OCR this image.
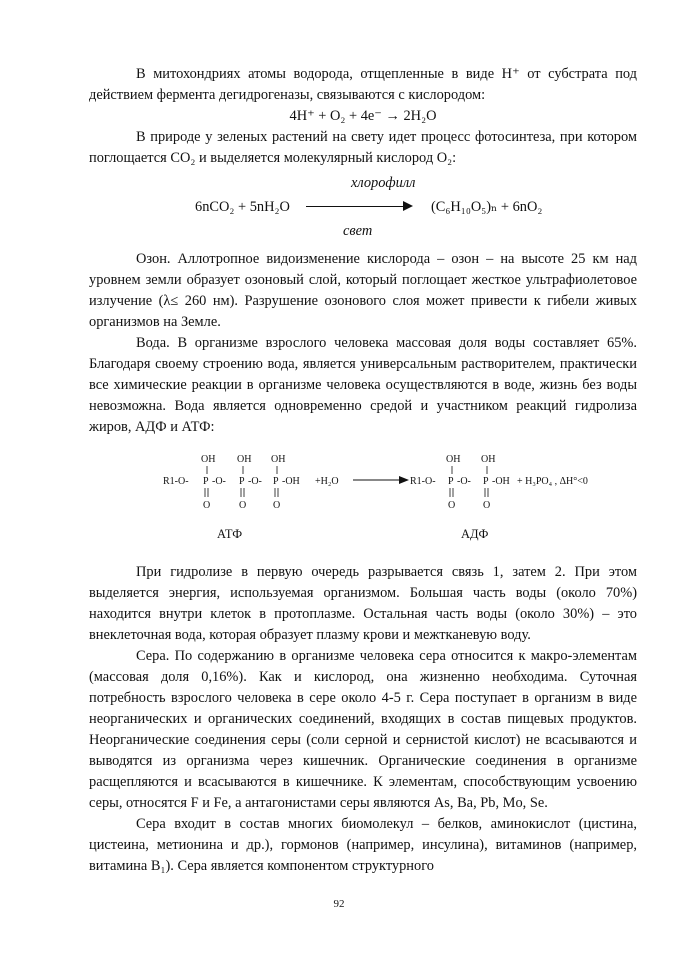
В митохондриях атомы водорода, отщепленные в виде H⁺ от субстрата под действием фермента дегидрогеназы, связываются с кислородом:

4H⁺ + O₂ + 4e⁻ → 2H₂O

В природе у зеленых растений на свету идет процесс фотосинтеза, при котором поглощается CO₂ и выделяется молекулярный кислород O₂:

6nCO₂ + 5nH₂O
хлорофилл
(C₆H₁₀O₅)ₙ + 6nO₂
свет

Озон. Аллотропное видоизменение кислорода – озон – на высоте 25 км над уровнем земли образует озоновый слой, который поглощает жесткое ультрафиолетовое излучение (λ≤ 260 нм). Разрушение озонового слоя может привести к гибели живых организмов на Земле.

Вода. В организме взрослого человека массовая доля воды составляет 65%. Благодаря своему строению вода, является универсальным растворителем, практически все химические реакции в организме человека осуществляются в воде, жизнь без воды невозможна. Вода является одновременно средой и участником реакций гидролиза жиров, АДФ и АТФ:

OH OH OH
R1-O- P -O- P -O- P -OH
O	O	O
+H₂O
OH OH
R1-O- P -O- P -OH
O	O
+ H₃PO₄ , ΔH°<0
АТФ	АДФ

При гидролизе в первую очередь разрывается связь 1, затем 2. При этом выделяется энергия, используемая организмом. Большая часть воды (около 70%) находится внутри клеток в протоплазме. Остальная часть воды (около 30%) – это внеклеточная вода, которая образует плазму крови и межтканевую воду.

Сера. По содержанию в организме человека сера относится к макро-элементам (массовая доля 0,16%). Как и кислород, она жизненно необходима. Суточная потребность взрослого человека в сере около 4-5 г. Сера поступает в организм в виде неорганических и органических соединений, входящих в состав пищевых продуктов. Неорганические соединения серы (соли серной и сернистой кислот) не всасываются и выводятся из организма через кишечник. Органические соединения в организме расщепляются и всасываются в кишечнике. К элементам, способствующим усвоению серы, относятся F и Fe, а антагонистами серы являются As, Ba, Pb, Mo, Se.

Сера входит в состав многих биомолекул – белков, аминокислот (цистина, цистеина, метионина и др.), гормонов (например, инсулина), витаминов (например, витамина B₁). Сера является компонентом структурного

92
